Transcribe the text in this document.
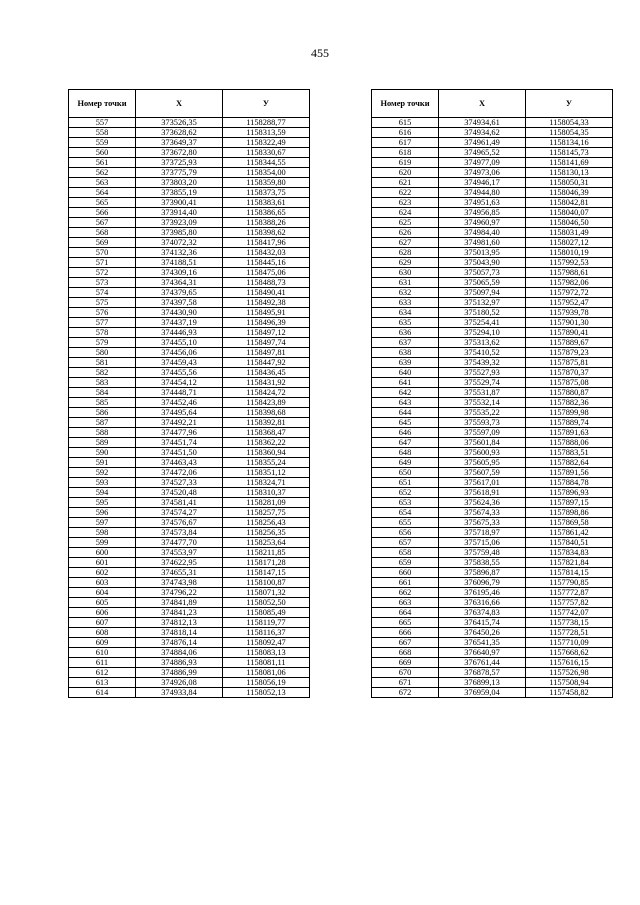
455
Номер точки	Х	У
557	373526,35	1158288,77
558	373628,62	1158313,59
559	373649,37	1158322,49
560	373672,80	1158330,67
561	373725,93	1158344,55
562	373775,79	1158354,00
563	373803,20	1158359,80
564	373855,19	1158373,75
565	373900,41	1158383,61
566	373914,40	1158386,65
567	373923,09	1158388,26
568	373985,80	1158398,62
569	374072,32	1158417,96
570	374132,36	1158432,03
571	374188,51	1158445,16
572	374309,16	1158475,06
573	374364,31	1158488,73
574	374379,65	1158490,41
575	374397,58	1158492,38
576	374430,90	1158495,91
577	374437,19	1158496,39
578	374446,93	1158497,12
579	374455,10	1158497,74
580	374456,06	1158497,81
581	374459,43	1158447,92
582	374455,56	1158436,45
583	374454,12	1158431,92
584	374448,71	1158424,72
585	374452,46	1158423,89
586	374495,64	1158398,68
587	374492,21	1158392,81
588	374477,96	1158368,47
589	374451,74	1158362,22
590	374451,50	1158360,94
591	374463,43	1158355,24
592	374472,06	1158351,12
593	374527,33	1158324,71
594	374520,48	1158310,37
595	374581,41	1158281,09
596	374574,27	1158257,75
597	374576,67	1158256,43
598	374573,84	1158256,35
599	374477,70	1158253,64
600	374553,97	1158211,85
601	374622,95	1158171,28
602	374655,31	1158147,15
603	374743,98	1158100,87
604	374796,22	1158071,32
605	374841,89	1158052,50
606	374841,23	1158085,49
607	374812,13	1158119,77
608	374818,14	1158116,37
609	374876,14	1158092,47
610	374884,06	1158083,13
611	374886,93	1158081,11
612	374886,99	1158081,06
613	374926,08	1158056,19
614	374933,84	1158052,13
Номер точки	Х	У
615	374934,61	1158054,33
616	374934,62	1158054,35
617	374961,49	1158134,16
618	374965,52	1158145,73
619	374977,09	1158141,69
620	374973,06	1158130,13
621	374946,17	1158050,31
622	374944,80	1158046,39
623	374951,63	1158042,81
624	374956,85	1158040,07
625	374960,97	1158046,50
626	374984,40	1158031,49
627	374981,60	1158027,12
628	375013,95	1158010,19
629	375043,90	1157992,53
630	375057,73	1157988,61
631	375065,59	1157982,06
632	375097,94	1157972,72
633	375132,97	1157952,47
634	375180,52	1157939,78
635	375254,41	1157901,30
636	375294,10	1157890,41
637	375313,62	1157889,67
638	375410,52	1157879,23
639	375439,32	1157875,81
640	375527,93	1157870,37
641	375529,74	1157875,08
642	375531,87	1157880,87
643	375532,14	1157882,36
644	375535,22	1157899,98
645	375593,73	1157889,74
646	375597,09	1157891,63
647	375601,84	1157888,06
648	375600,93	1157883,51
649	375605,95	1157882,64
650	375607,59	1157891,56
651	375617,01	1157884,78
652	375618,91	1157896,93
653	375624,36	1157897,15
654	375674,33	1157898,86
655	375675,33	1157869,58
656	375718,97	1157861,42
657	375715,06	1157840,51
658	375759,48	1157834,83
659	375838,55	1157821,84
660	375896,87	1157814,15
661	376096,79	1157790,85
662	376195,46	1157772,87
663	376316,66	1157757,82
664	376374,83	1157742,07
665	376415,74	1157738,15
666	376450,26	1157728,51
667	376541,35	1157710,09
668	376640,97	1157668,62
669	376761,44	1157616,15
670	376878,57	1157526,98
671	376899,13	1157508,94
672	376959,04	1157458,82
